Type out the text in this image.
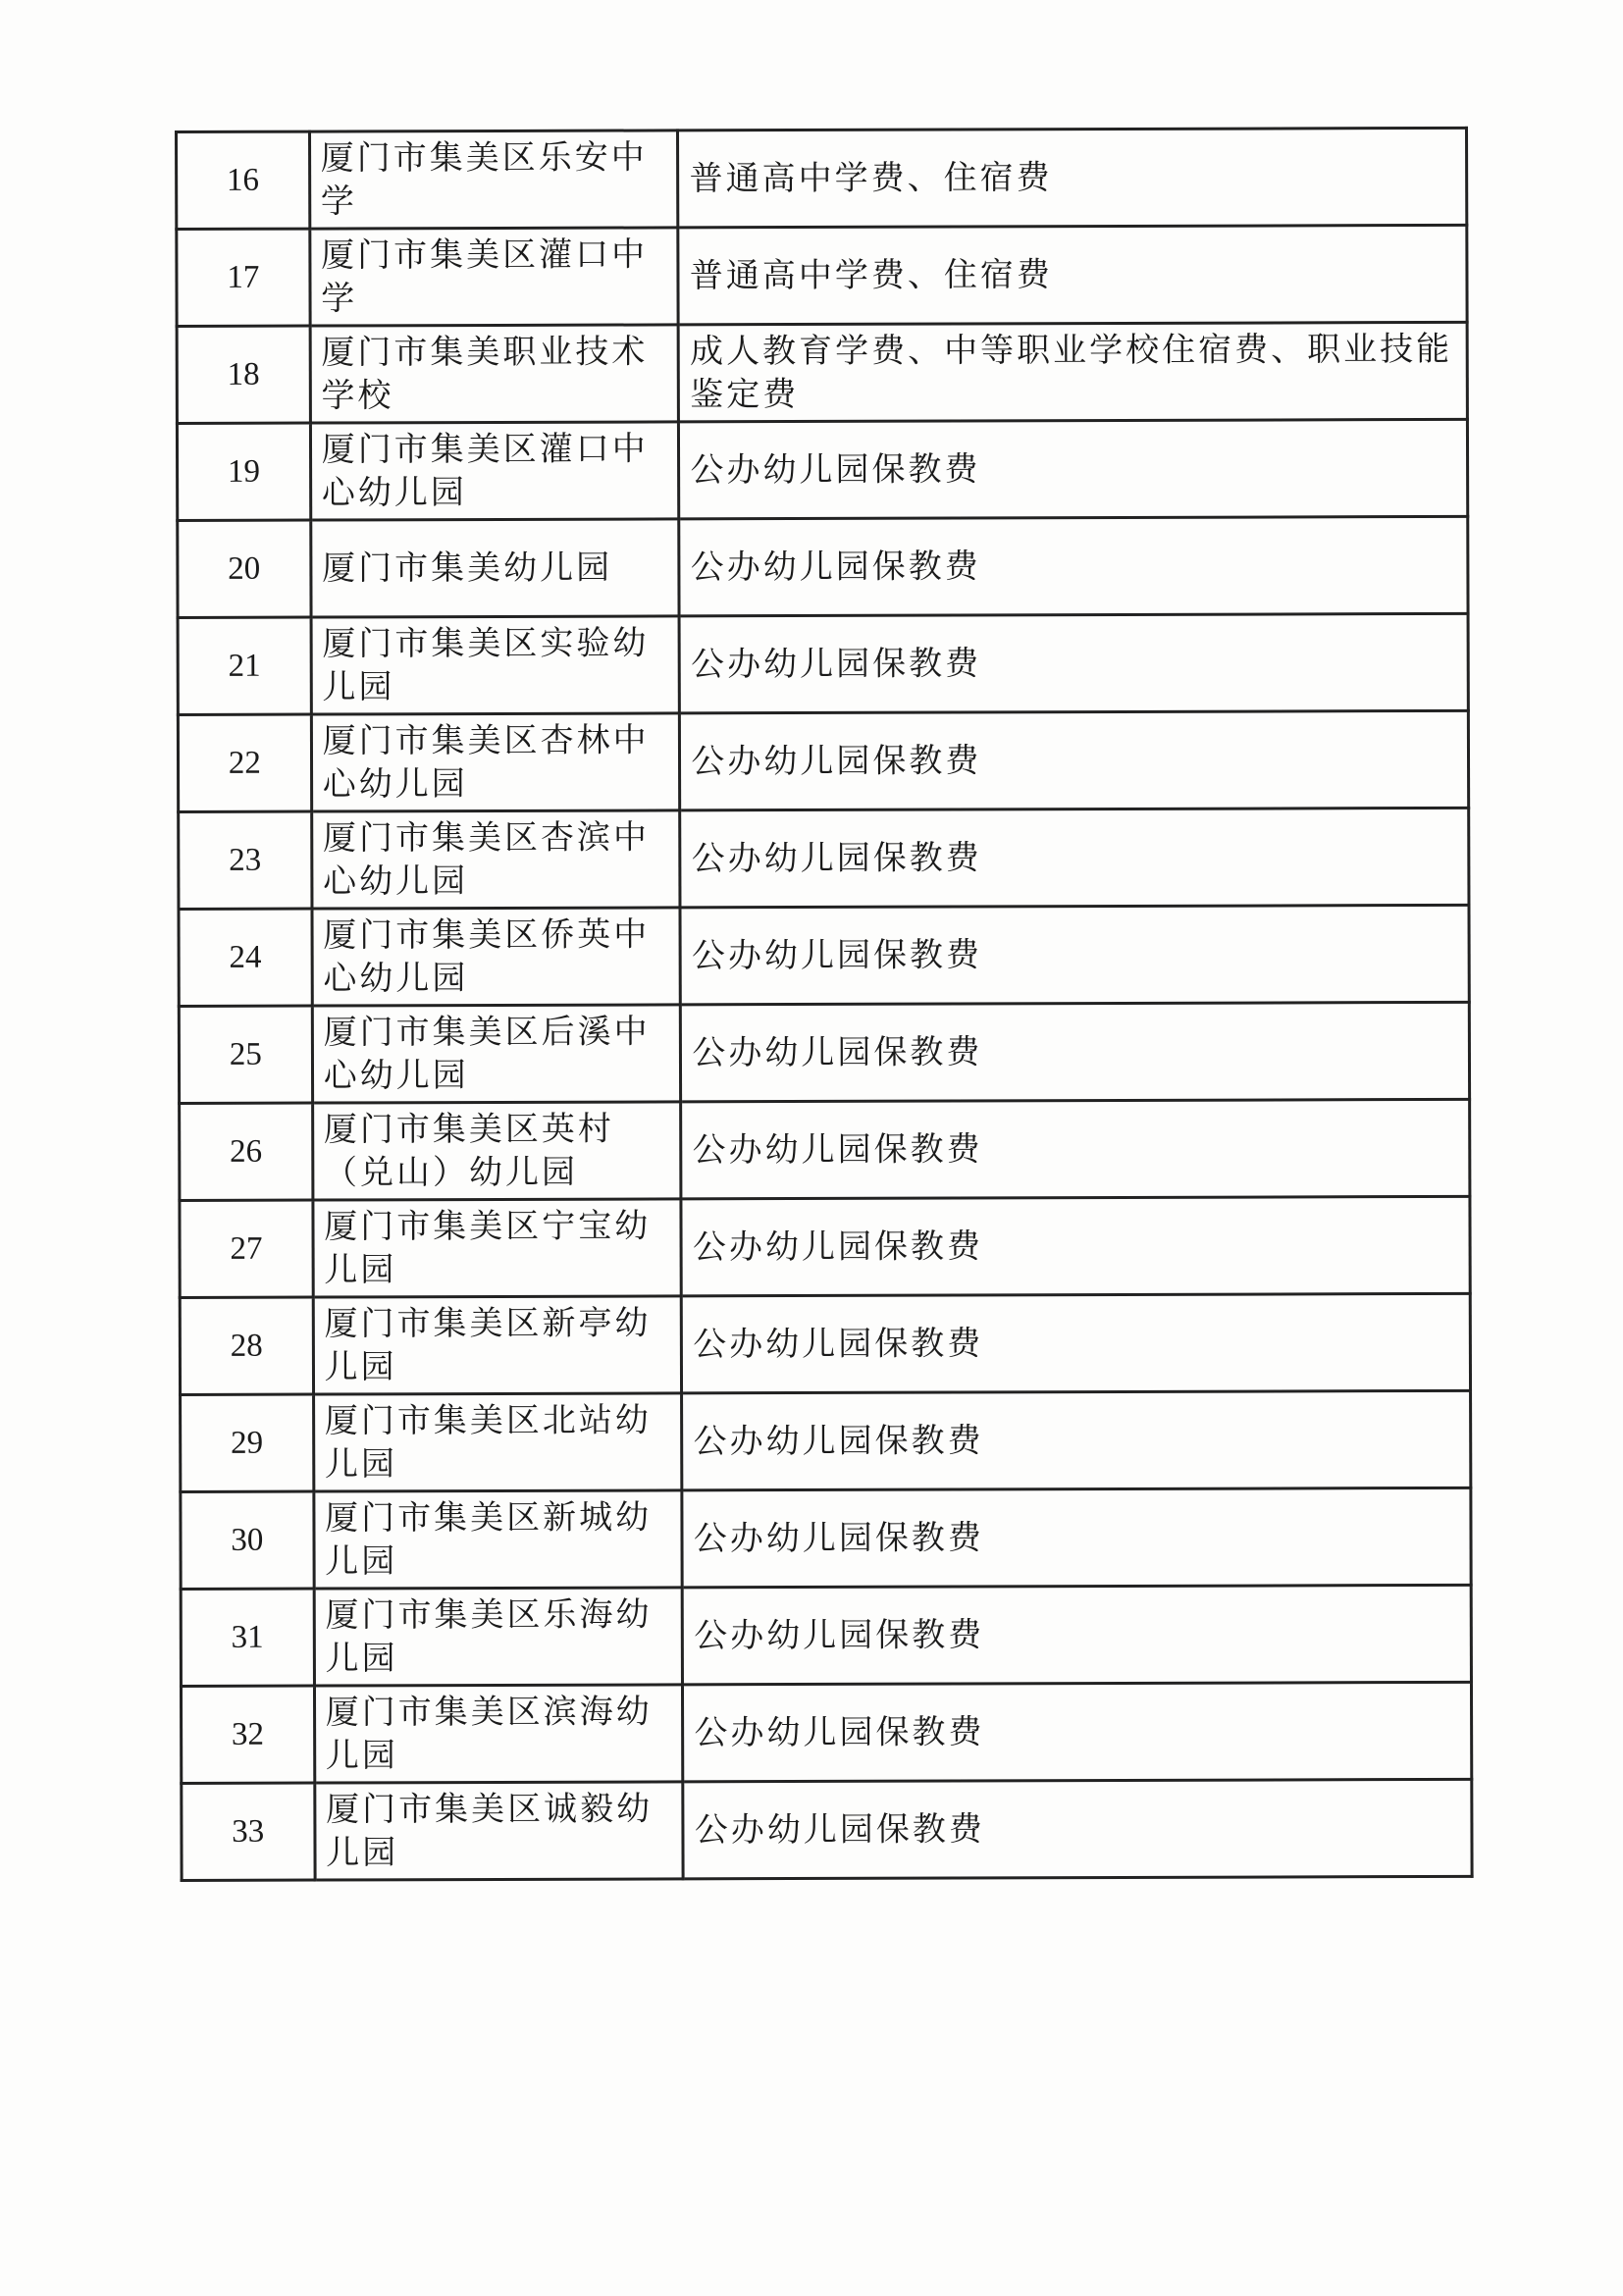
16	厦门市集美区乐安中学	普通高中学费、住宿费
17	厦门市集美区灌口中学	普通高中学费、住宿费
18	厦门市集美职业技术学校	成人教育学费、中等职业学校住宿费、职业技能鉴定费
19	厦门市集美区灌口中心幼儿园	公办幼儿园保教费
20	厦门市集美幼儿园	公办幼儿园保教费
21	厦门市集美区实验幼儿园	公办幼儿园保教费
22	厦门市集美区杏林中心幼儿园	公办幼儿园保教费
23	厦门市集美区杏滨中心幼儿园	公办幼儿园保教费
24	厦门市集美区侨英中心幼儿园	公办幼儿园保教费
25	厦门市集美区后溪中心幼儿园	公办幼儿园保教费
26	厦门市集美区英村（兑山）幼儿园	公办幼儿园保教费
27	厦门市集美区宁宝幼儿园	公办幼儿园保教费
28	厦门市集美区新亭幼儿园	公办幼儿园保教费
29	厦门市集美区北站幼儿园	公办幼儿园保教费
30	厦门市集美区新城幼儿园	公办幼儿园保教费
31	厦门市集美区乐海幼儿园	公办幼儿园保教费
32	厦门市集美区滨海幼儿园	公办幼儿园保教费
33	厦门市集美区诚毅幼儿园	公办幼儿园保教费
